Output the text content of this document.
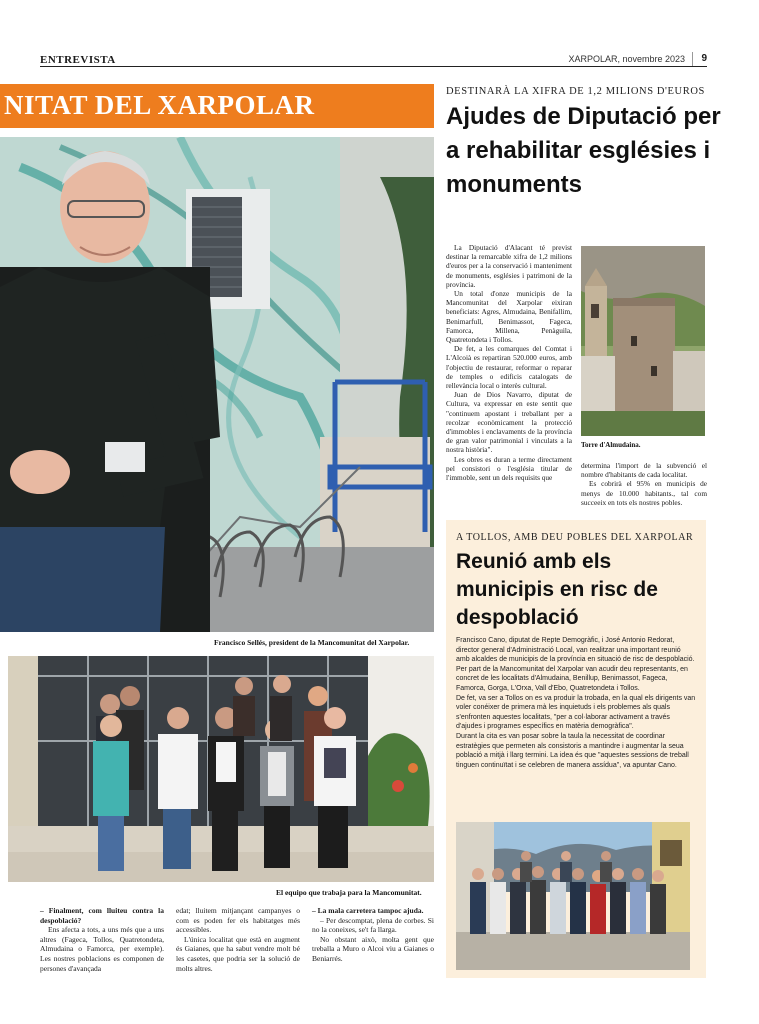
ENTREVISTA	XARPOLAR, novembre 2023 9
NITAT DEL XARPOLAR
Francisco Sellés, president de la Mancomunitat del Xarpolar.
El equipo que trabaja para la Mancomunitat.
– Finalment, com lluiteu contra la despoblació?

Ens afecta a tots, a uns més que a uns altres (Fageca, Tollos, Quatretondeta, Almudaina o Famorca, per exemple). Les nostres poblacions es componen de persones d'avançada

edat; lluitem mitjançant campanyes o com es poden fer els habitatges més accessibles.

L'única localitat que està en augment és Gaianes, que ha sabut vendre molt bé les casetes, que podria ser la solució de molts altres.

– La mala carretera tampoc ajuda.

– Per descomptat, plena de corbes. Si no la coneixes, se't fa llarga.

No obstant això, molta gent que treballa a Muro o Alcoi viu a Gaianes o Beniarrés.

DESTINARÀ LA XIFRA DE 1,2 MILIONS D'EUROS
Ajudes de Diputació per a rehabilitar esglésies i monuments

La Diputació d'Alacant té previst destinar la remarcable xifra de 1,2 milions d'euros per a la conservació i manteniment de monuments, esglésies i patrimoni de la província.

Un total d'onze municipis de la Mancomunitat del Xarpolar eixiran beneficiats: Agres, Almudaina, Benifallim, Benimarfull, Benimassot, Fageca, Famorca, Millena, Penàguila, Quatretondeta i Tollos.

De fet, a les comarques del Comtat i L'Alcoià es repartiran 520.000 euros, amb l'objectiu de restaurar, reformar o reparar de temples o edificis catalogats de rellevància local o interès cultural.

Juan de Dios Navarro, diputat de Cultura, va expressar en este sentit que "continuem apostant i treballant per a recolzar econòmicament la protecció d'immobles i enclavaments de la província de gran valor patrimonial i vinculats a la nostra història".

Les obres es duran a terme directament pel consistori o l'església titular de l'immoble, sent un dels requisits que

Torre d'Almudaina.

determina l'import de la subvenció el nombre d'habitants de cada localitat.

Es cobrirà el 95% en municipis de menys de 10.000 habitants., tal com succeeix en tots els nostres pobles.

A TOLLOS, AMB DEU POBLES DEL XARPOLAR
Reunió amb els municipis en risc de despoblació

Francisco Cano, diputat de Repte Demogràfic, i José Antonio Redorat, director general d'Administració Local, van realitzar una important reunió amb alcaldes de municipis de la província en situació de risc de despoblació.

Per part de la Mancomunitat del Xarpolar van acudir deu representants, en concret de les localitats d'Almudaina, Benillup, Benimassot, Fageca, Famorca, Gorga, L'Orxa, Vall d'Ebo, Quatretondeta i Tollos.

De fet, va ser a Tollos on es va produir la trobada, en la qual els dirigents van voler conéixer de primera mà les inquietuds i els problemes als quals s'enfronten aquestes localitats, "per a col·laborar activament a través d'ajudes i programes específics en matèria demogràfica".

Durant la cita es van posar sobre la taula la necessitat de coordinar estratègies que permeten als consistoris a mantindre i augmentar la seua població a mitjà i llarg termini. La idea és que "aquestes sessions de treball tinguen continuïtat i se celebren de manera assídua", va apuntar Cano.
